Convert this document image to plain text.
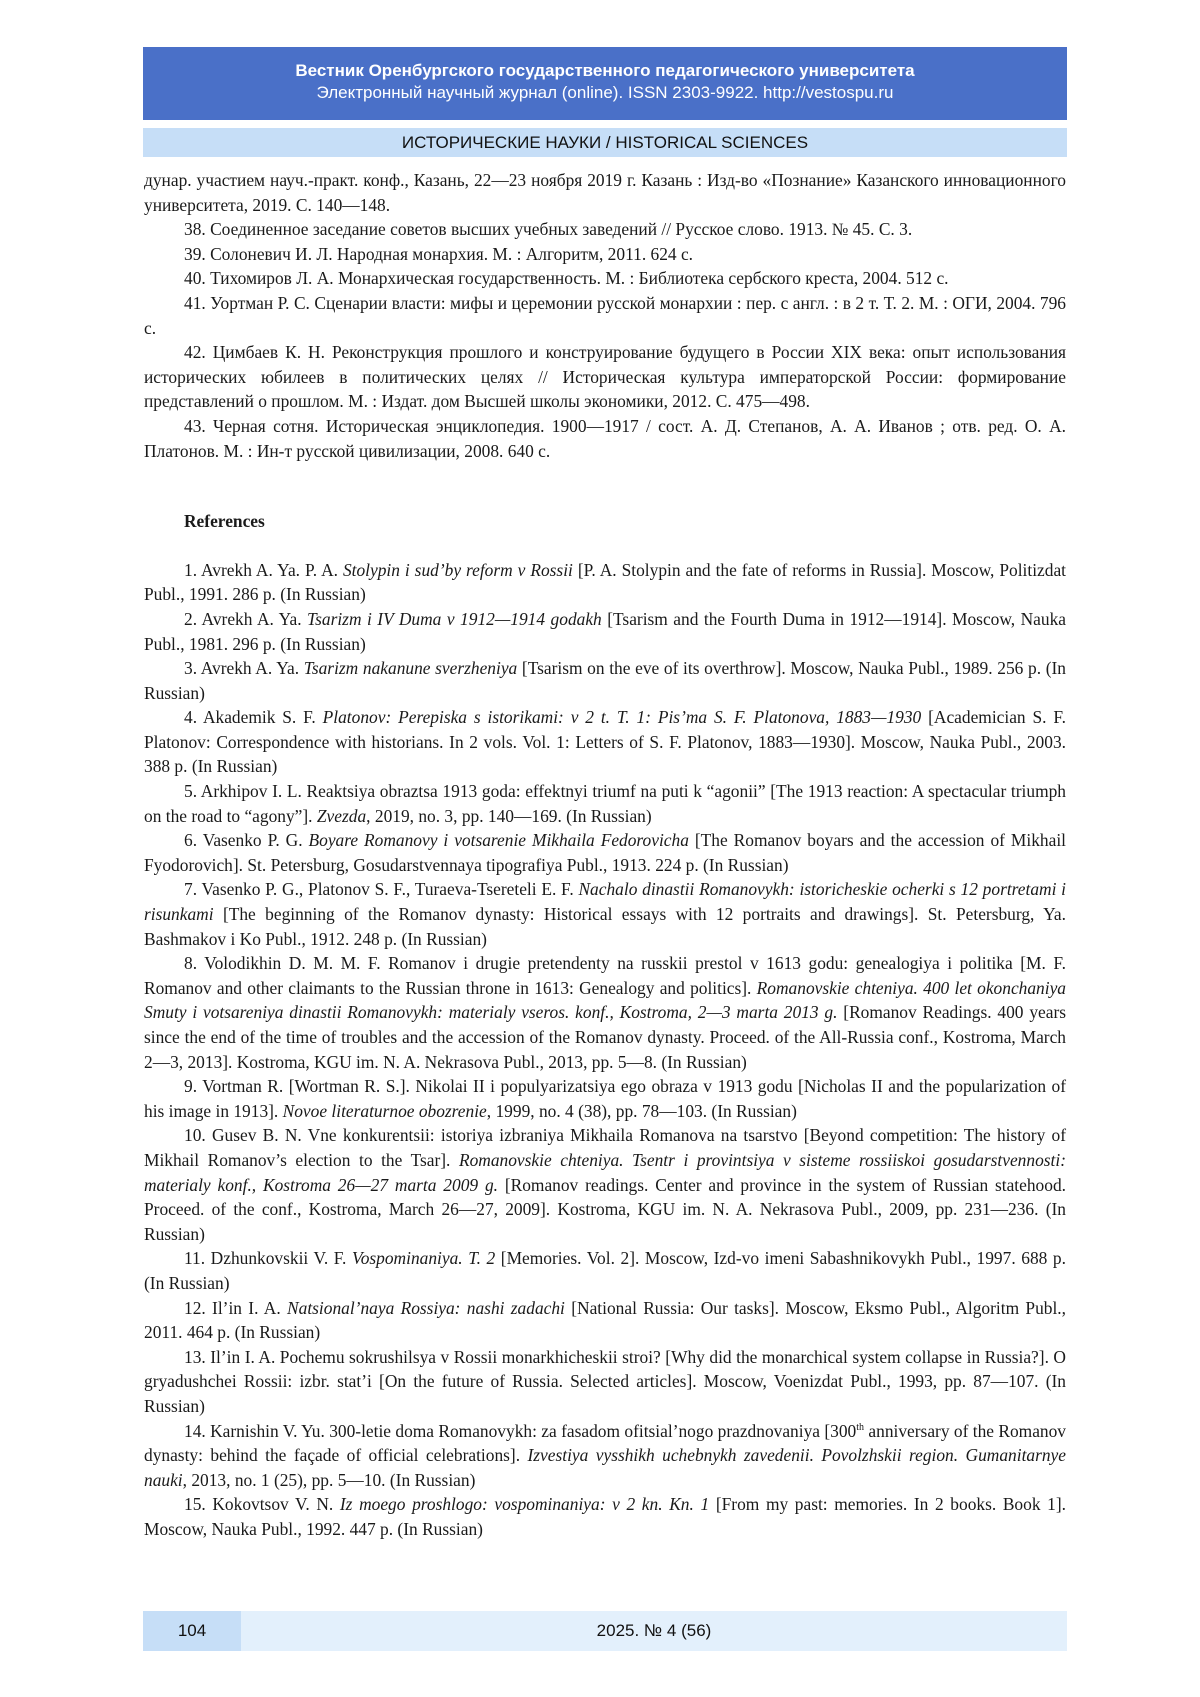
Вестник Оренбургского государственного педагогического университета
Электронный научный журнал (online). ISSN 2303-9922. http://vestospu.ru
ИСТОРИЧЕСКИЕ НАУКИ / HISTORICAL SCIENCES

дунар. участием науч.-практ. конф., Казань, 22—23 ноября 2019 г. Казань : Изд-во «Познание» Казанского инновационного университета, 2019. С. 140—148.

38. Соединенное заседание советов высших учебных заведений // Русское слово. 1913. № 45. С. 3.

39. Солоневич И. Л. Народная монархия. М. : Алгоритм, 2011. 624 с.

40. Тихомиров Л. А. Монархическая государственность. М. : Библиотека сербского креста, 2004. 512 с.

41. Уортман Р. С. Сценарии власти: мифы и церемонии русской монархии : пер. с англ. : в 2 т. Т. 2. М. : ОГИ, 2004. 796 с.

42. Цимбаев К. Н. Реконструкция прошлого и конструирование будущего в России XIX века: опыт использования исторических юбилеев в политических целях // Историческая культура императорской России: формирование представлений о прошлом. М. : Издат. дом Высшей школы экономики, 2012. С. 475—498.

43. Черная сотня. Историческая энциклопедия. 1900—1917 / сост. А. Д. Степанов, А. А. Иванов ; отв. ред. О. А. Платонов. М. : Ин-т русской цивилизации, 2008. 640 с.

References

1. Avrekh A. Ya. P. A. Stolypin i sud’by reform v Rossii [P. A. Stolypin and the fate of reforms in Russia]. Moscow, Politizdat Publ., 1991. 286 p. (In Russian)

2. Avrekh A. Ya. Tsarizm i IV Duma v 1912—1914 godakh [Tsarism and the Fourth Duma in 1912—1914]. Moscow, Nauka Publ., 1981. 296 p. (In Russian)

3. Avrekh A. Ya. Tsarizm nakanune sverzheniya [Tsarism on the eve of its overthrow]. Moscow, Nauka Publ., 1989. 256 p. (In Russian)

4. Akademik S. F. Platonov: Perepiska s istorikami: v 2 t. T. 1: Pis’ma S. F. Platonova, 1883—1930 [Academician S. F. Platonov: Correspondence with historians. In 2 vols. Vol. 1: Letters of S. F. Platonov, 1883—1930]. Moscow, Nauka Publ., 2003. 388 p. (In Russian)

5. Arkhipov I. L. Reaktsiya obraztsa 1913 goda: effektnyi triumf na puti k “agonii” [The 1913 reaction: A spectacular triumph on the road to “agony”]. Zvezda, 2019, no. 3, pp. 140—169. (In Russian)

6. Vasenko P. G. Boyare Romanovy i votsarenie Mikhaila Fedorovicha [The Romanov boyars and the accession of Mikhail Fyodorovich]. St. Petersburg, Gosudarstvennaya tipografiya Publ., 1913. 224 p. (In Russian)

7. Vasenko P. G., Platonov S. F., Turaeva-Tsereteli E. F. Nachalo dinastii Romanovykh: istoricheskie ocherki s 12 portretami i risunkami [The beginning of the Romanov dynasty: Historical essays with 12 portraits and drawings]. St. Petersburg, Ya. Bashmakov i Ko Publ., 1912. 248 p. (In Russian)

8. Volodikhin D. M. M. F. Romanov i drugie pretendenty na russkii prestol v 1613 godu: genealogiya i politika [M. F. Romanov and other claimants to the Russian throne in 1613: Genealogy and politics]. Romanovskie chteniya. 400 let okonchaniya Smuty i votsareniya dinastii Romanovykh: materialy vseros. konf., Kostroma, 2—3 marta 2013 g. [Romanov Readings. 400 years since the end of the time of troubles and the accession of the Romanov dynasty. Proceed. of the All-Russia conf., Kostroma, March 2—3, 2013]. Kostroma, KGU im. N. A. Nekrasova Publ., 2013, pp. 5—8. (In Russian)

9. Vortman R. [Wortman R. S.]. Nikolai II i populyarizatsiya ego obraza v 1913 godu [Nicholas II and the popularization of his image in 1913]. Novoe literaturnoe obozrenie, 1999, no. 4 (38), pp. 78—103. (In Russian)

10. Gusev B. N. Vne konkurentsii: istoriya izbraniya Mikhaila Romanova na tsarstvo [Beyond competition: The history of Mikhail Romanov’s election to the Tsar]. Romanovskie chteniya. Tsentr i provintsiya v sisteme rossiiskoi gosudarstvennosti: materialy konf., Kostroma 26—27 marta 2009 g. [Romanov readings. Center and province in the system of Russian statehood. Proceed. of the conf., Kostroma, March 26—27, 2009]. Kostroma, KGU im. N. A. Nekrasova Publ., 2009, pp. 231—236. (In Russian)

11. Dzhunkovskii V. F. Vospominaniya. T. 2 [Memories. Vol. 2]. Moscow, Izd-vo imeni Sabashnikovykh Publ., 1997. 688 p. (In Russian)

12. Il’in I. A. Natsional’naya Rossiya: nashi zadachi [National Russia: Our tasks]. Moscow, Eksmo Publ., Algoritm Publ., 2011. 464 p. (In Russian)

13. Il’in I. A. Pochemu sokrushilsya v Rossii monarkhicheskii stroi? [Why did the monarchical system collapse in Russia?]. O gryadushchei Rossii: izbr. stat’i [On the future of Russia. Selected articles]. Moscow, Voenizdat Publ., 1993, pp. 87—107. (In Russian)

14. Karnishin V. Yu. 300-letie doma Romanovykh: za fasadom ofitsial’nogo prazdnovaniya [300th anniversary of the Romanov dynasty: behind the façade of official celebrations]. Izvestiya vysshikh uchebnykh zavedenii. Povolzhskii region. Gumanitarnye nauki, 2013, no. 1 (25), pp. 5—10. (In Russian)

15. Kokovtsov V. N. Iz moego proshlogo: vospominaniya: v 2 kn. Kn. 1 [From my past: memories. In 2 books. Book 1]. Moscow, Nauka Publ., 1992. 447 p. (In Russian)

104	2025. № 4 (56)
